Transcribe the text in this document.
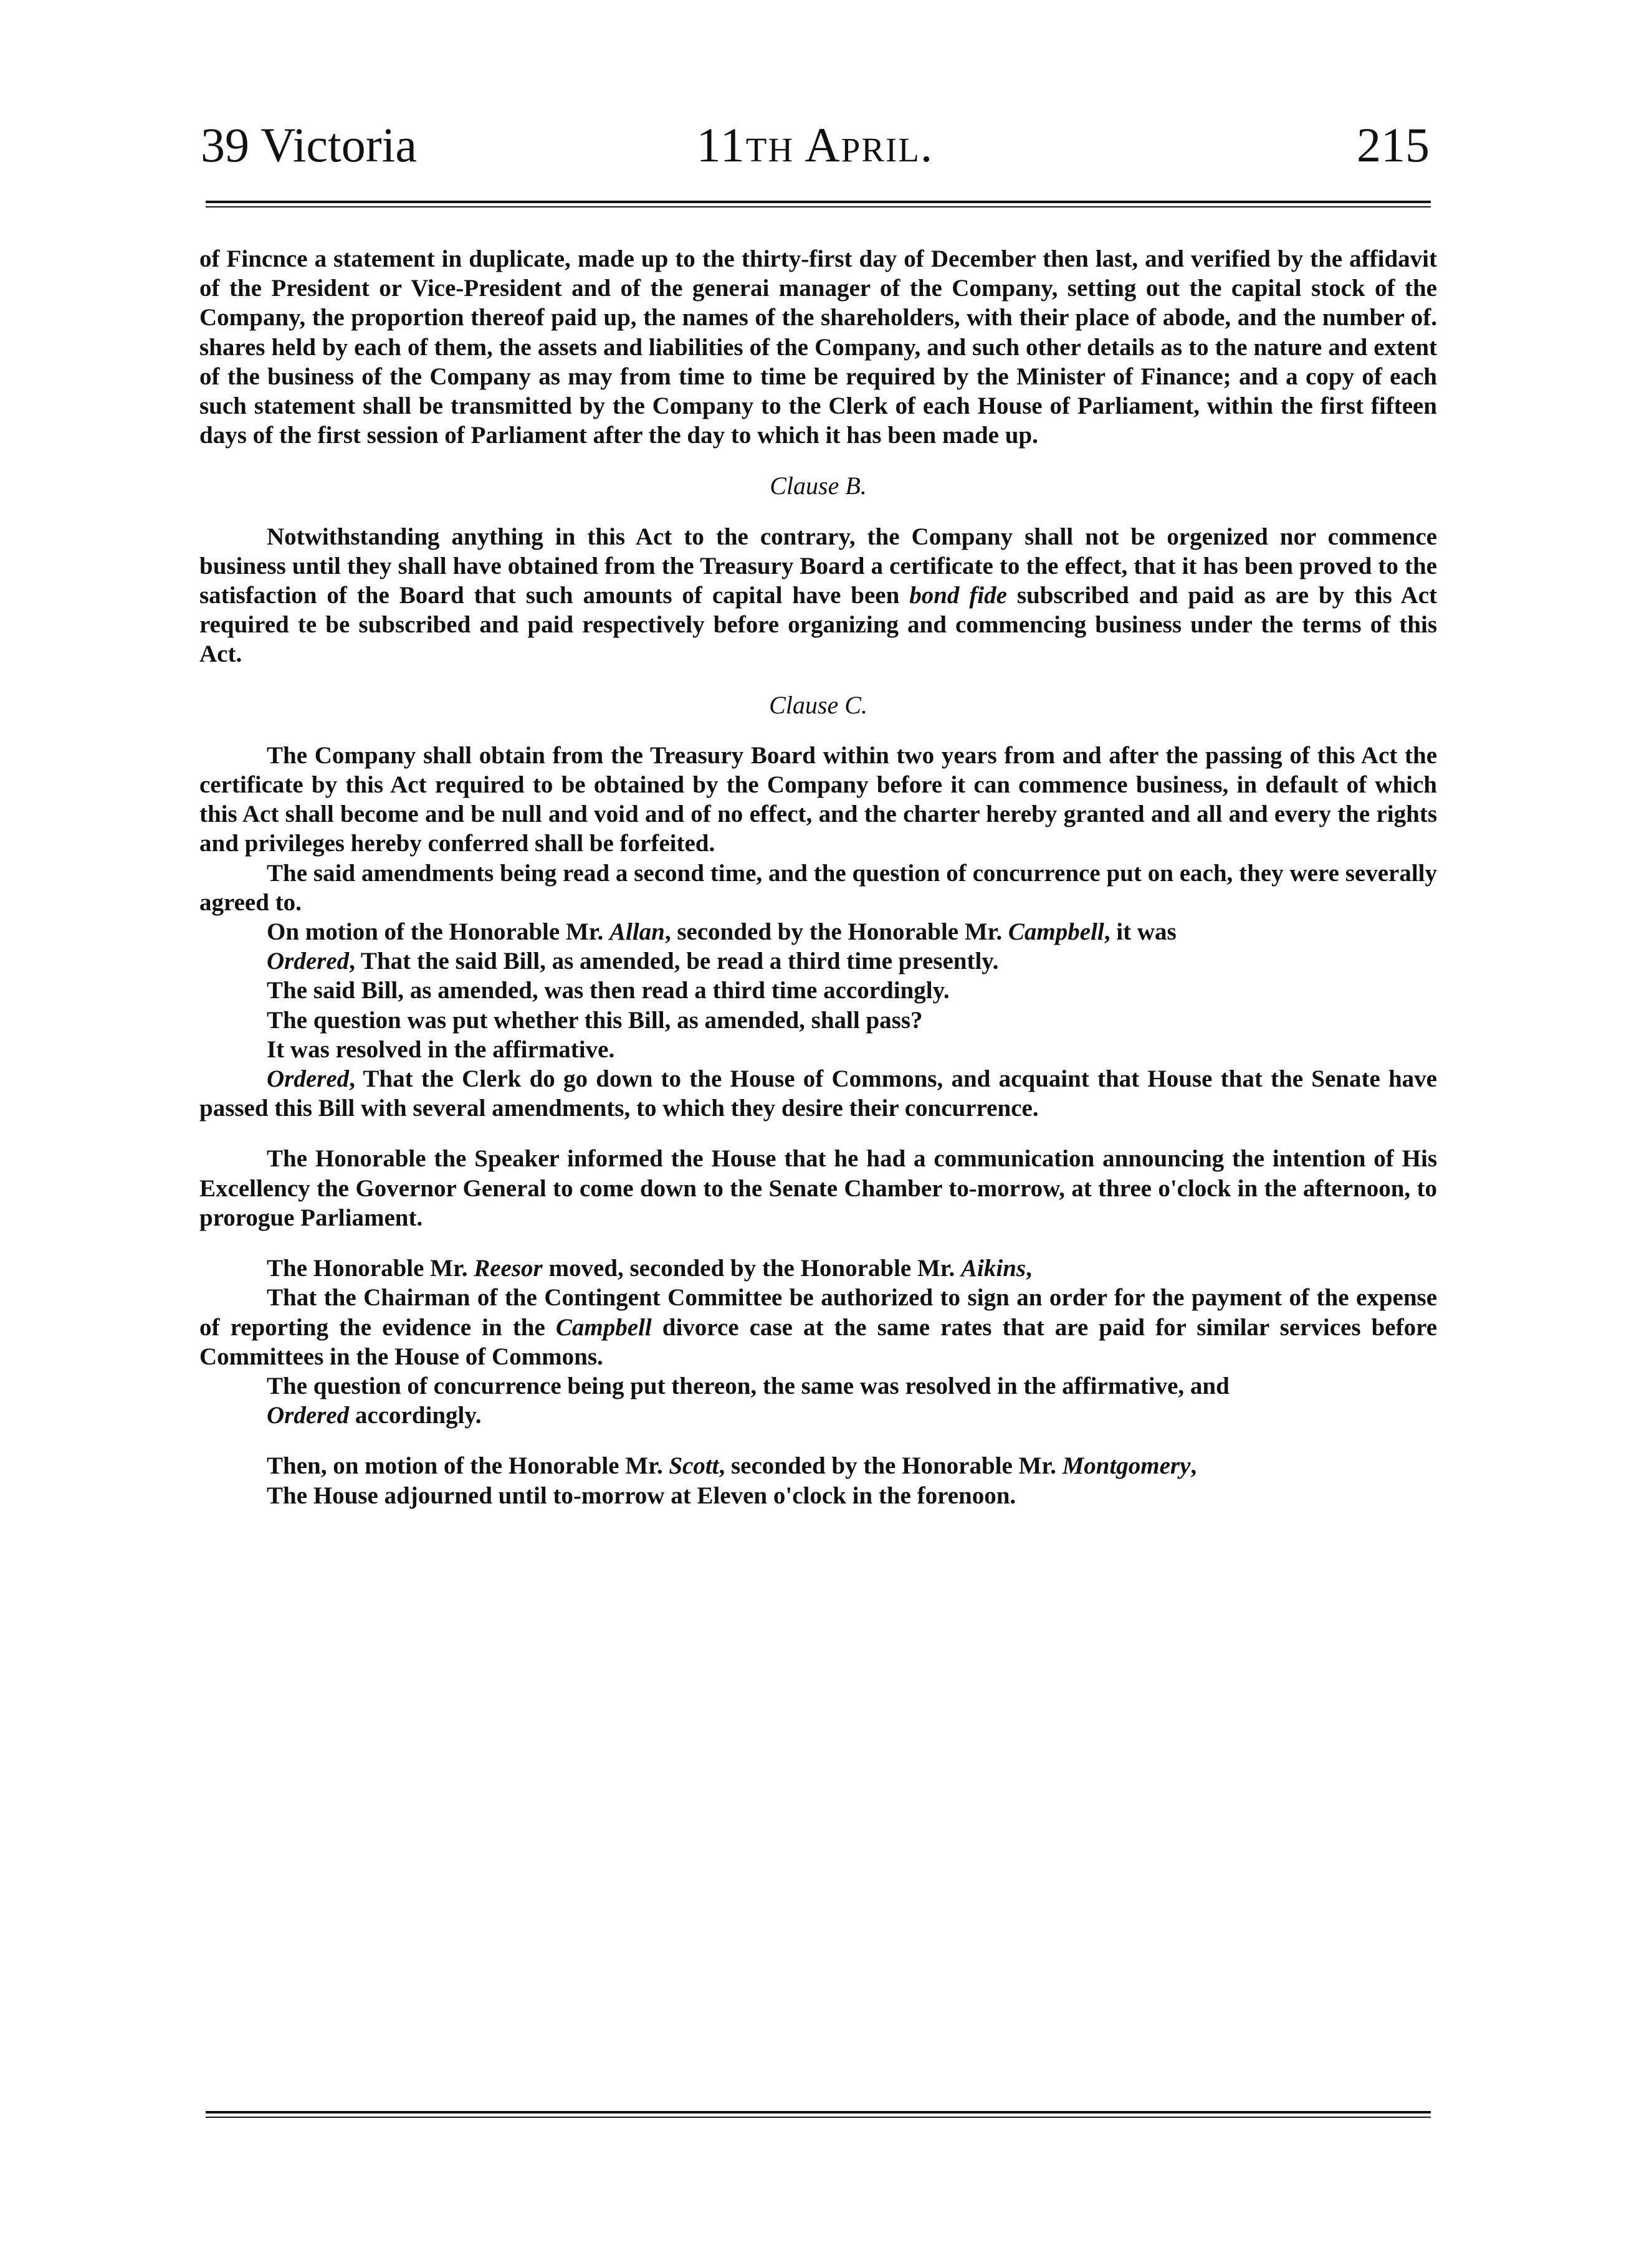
39 Victoria	11th April.	215

of Fincnce a statement in duplicate, made up to the thirty-first day of December then last, and verified by the affidavit of the President or Vice-President and of the generai manager of the Company, setting out the capital stock of the Company, the proportion thereof paid up, the names of the shareholders, with their place of abode, and the number of. shares held by each of them, the assets and liabilities of the Company, and such other details as to the nature and extent of the business of the Company as may from time to time be required by the Minister of Finance; and a copy of each such statement shall be transmitted by the Company to the Clerk of each House of Parliament, within the first fifteen days of the first session of Parliament after the day to which it has been made up.

Clause B.

Notwithstanding anything in this Act to the contrary, the Company shall not be orgenized nor commence business until they shall have obtained from the Treasury Board a certificate to the effect, that it has been proved to the satisfaction of the Board that such amounts of capital have been bond fide subscribed and paid as are by this Act required te be subscribed and paid respectively before organizing and commencing business under the terms of this Act.

Clause C.

The Company shall obtain from the Treasury Board within two years from and after the passing of this Act the certificate by this Act required to be obtained by the Company before it can commence business, in default of which this Act shall become and be null and void and of no effect, and the charter hereby granted and all and every the rights and privileges hereby conferred shall be forfeited.

The said amendments being read a second time, and the question of concurrence put on each, they were severally agreed to.

On motion of the Honorable Mr. Allan, seconded by the Honorable Mr. Campbell, it was

Ordered, That the said Bill, as amended, be read a third time presently.

The said Bill, as amended, was then read a third time accordingly.

The question was put whether this Bill, as amended, shall pass?

It was resolved in the affirmative.

Ordered, That the Clerk do go down to the House of Commons, and acquaint that House that the Senate have passed this Bill with several amendments, to which they desire their concurrence.

The Honorable the Speaker informed the House that he had a communication announcing the intention of His Excellency the Governor General to come down to the Senate Chamber to-morrow, at three o'clock in the afternoon, to prorogue Parliament.

The Honorable Mr. Reesor moved, seconded by the Honorable Mr. Aikins,

That the Chairman of the Contingent Committee be authorized to sign an order for the payment of the expense of reporting the evidence in the Campbell divorce case at the same rates that are paid for similar services before Committees in the House of Commons.

The question of concurrence being put thereon, the same was resolved in the affirmative, and

Ordered accordingly.

Then, on motion of the Honorable Mr. Scott, seconded by the Honorable Mr. Montgomery,

The House adjourned until to-morrow at Eleven o'clock in the forenoon.
